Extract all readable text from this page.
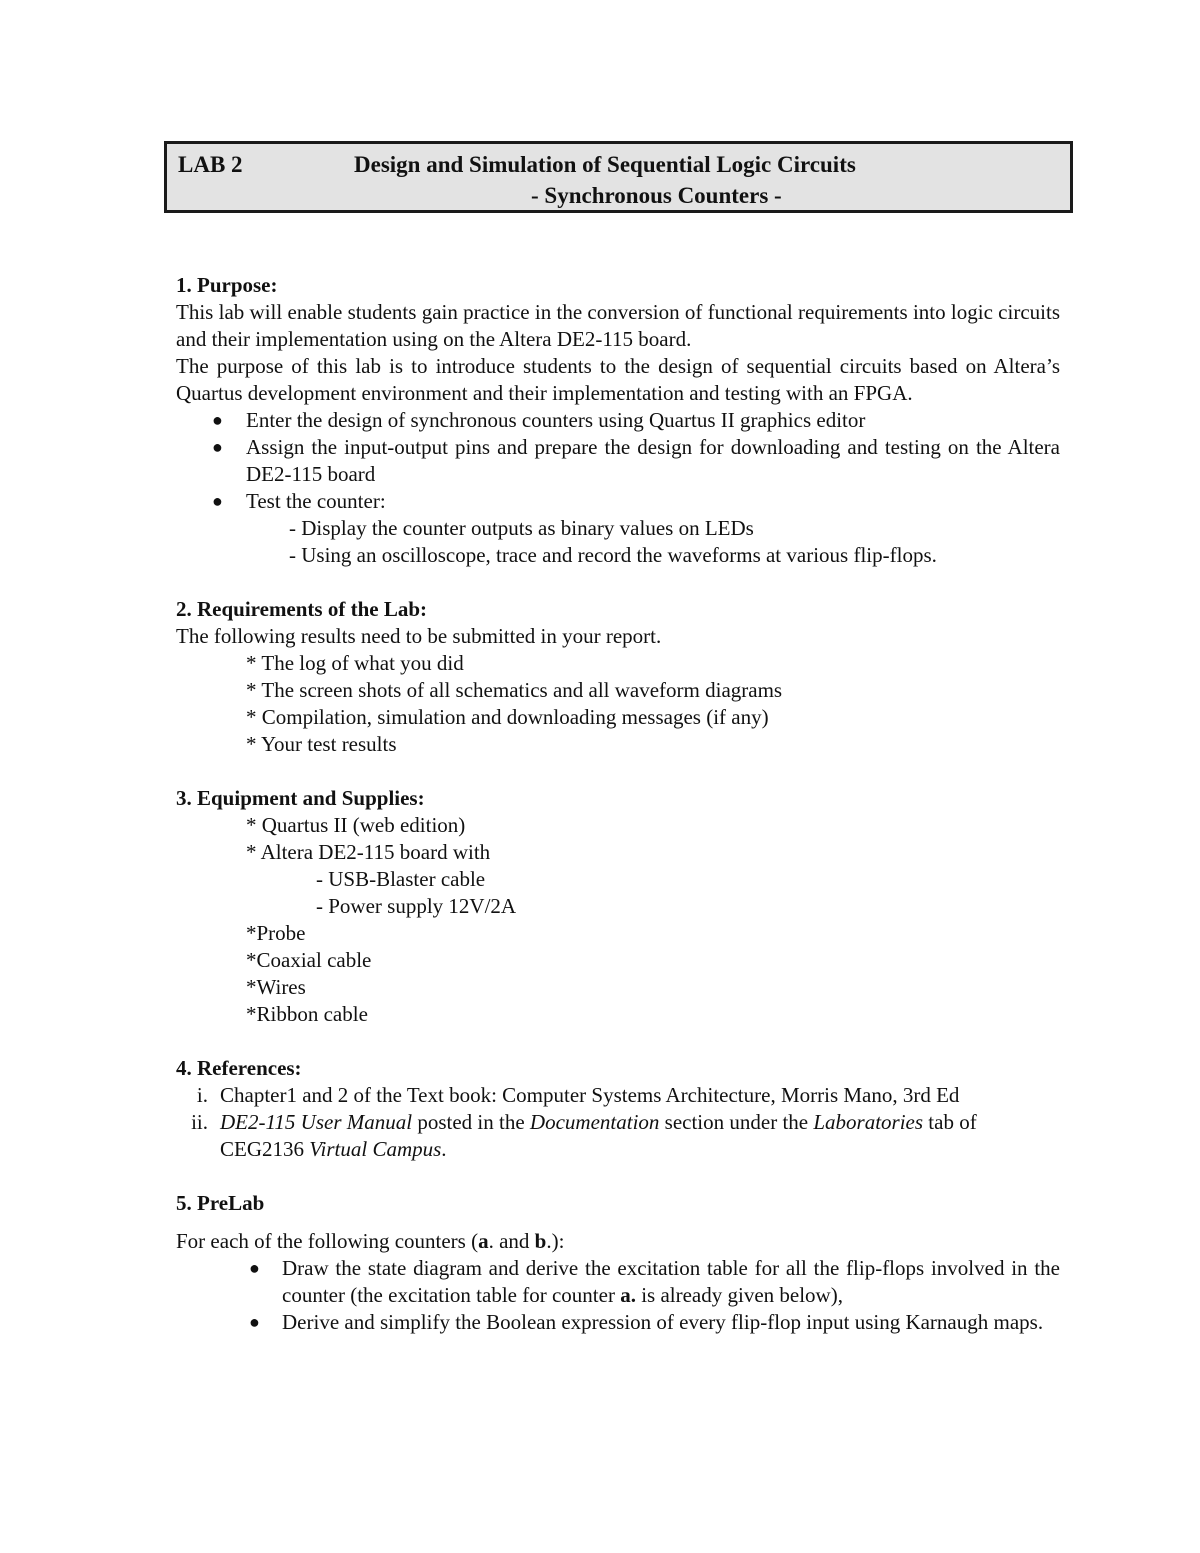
LAB 2	Design and Simulation of Sequential Logic Circuits
- Synchronous Counters -

1. Purpose:

This lab will enable students gain practice in the conversion of functional requirements into logic circuits and their implementation using on the Altera DE2-115 board.

The purpose of this lab is to introduce students to the design of sequential circuits based on Altera’s Quartus development environment and their implementation and testing with an FPGA.

● Enter the design of synchronous counters using Quartus II graphics editor
● Assign the input-output pins and prepare the design for downloading and testing on the Altera DE2-115 board
● Test the counter:

- Display the counter outputs as binary values on LEDs

- Using an oscilloscope, trace and record the waveforms at various flip-flops.

2. Requirements of the Lab:

The following results need to be submitted in your report.

* The log of what you did

* The screen shots of all schematics and all waveform diagrams

* Compilation, simulation and downloading messages (if any)

* Your test results

3. Equipment and Supplies:

* Quartus II (web edition)

* Altera DE2-115 board with

- USB-Blaster cable

- Power supply 12V/2A

*Probe

*Coaxial cable

*Wires

*Ribbon cable

4. References:

i. Chapter1 and 2 of the Text book: Computer Systems Architecture, Morris Mano, 3rd Ed
ii. DE2-115 User Manual posted in the Documentation section under the Laboratories tab of CEG2136 Virtual Campus.

5. PreLab

For each of the following counters (a. and b.):

● Draw the state diagram and derive the excitation table for all the flip-flops involved in the counter (the excitation table for counter a. is already given below),
● Derive and simplify the Boolean expression of every flip-flop input using Karnaugh maps.
